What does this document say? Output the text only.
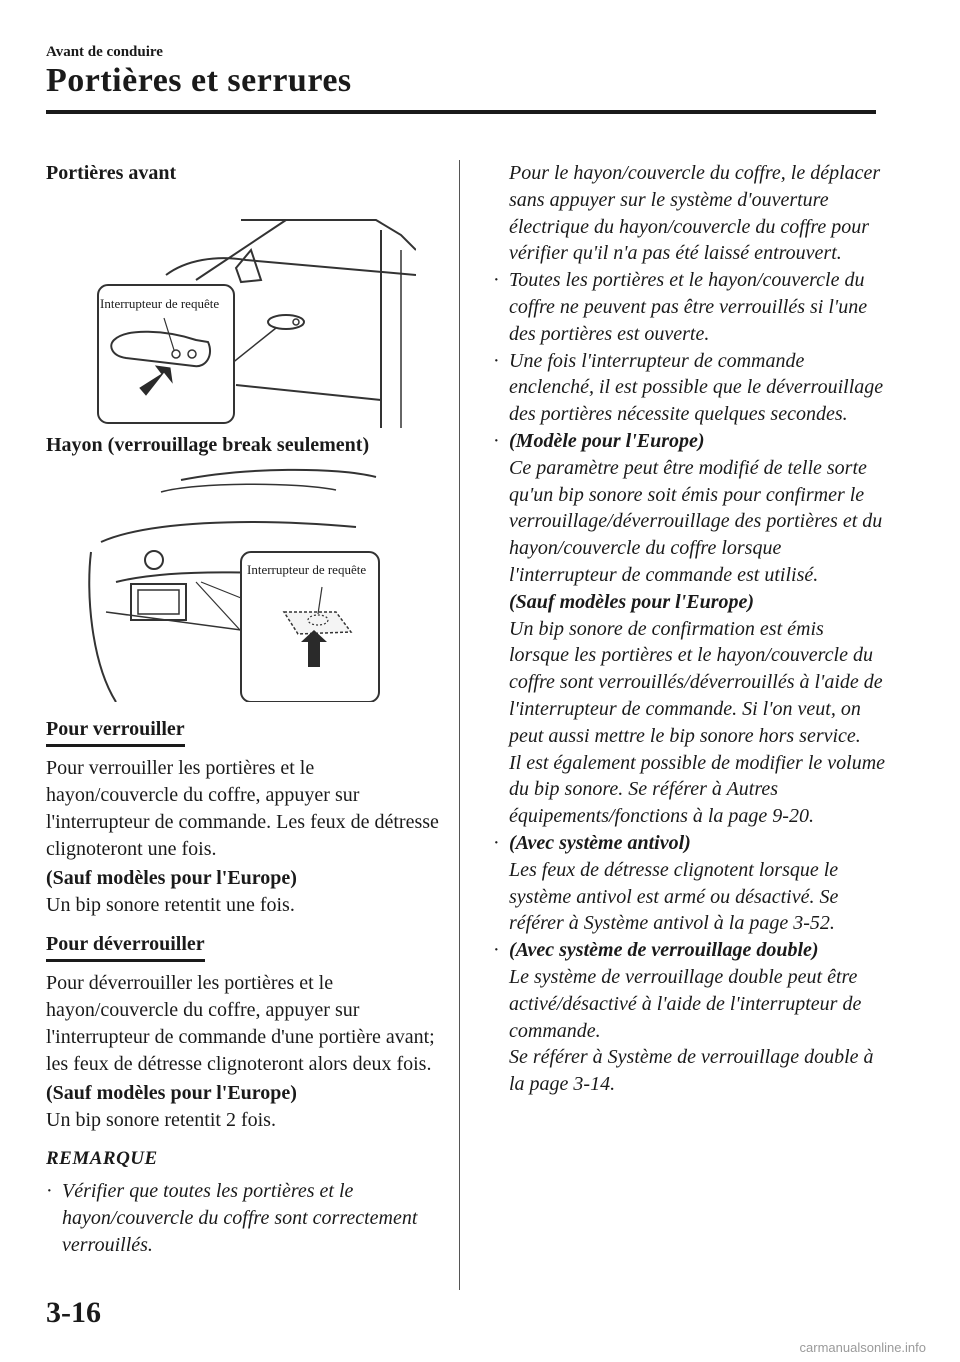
Avant de conduire
Portières et serrures

Portières avant

Interrupteur de requête

Hayon (verrouillage break seulement)

Interrupteur de requête
Pour verrouiller

Pour verrouiller les portières et le hayon/couvercle du coffre, appuyer sur l'interrupteur de commande. Les feux de détresse clignoteront une fois.

(Sauf modèles pour l'Europe)

Un bip sonore retentit une fois.

Pour déverrouiller

Pour déverrouiller les portières et le hayon/couvercle du coffre, appuyer sur l'interrupteur de commande d'une portière avant; les feux de détresse clignoteront alors deux fois.

(Sauf modèles pour l'Europe)

Un bip sonore retentit 2 fois.

REMARQUE
· Vérifier que toutes les portières et le hayon/couvercle du coffre sont correctement verrouillés.

Pour le hayon/couvercle du coffre, le déplacer sans appuyer sur le système d'ouverture électrique du hayon/couvercle du coffre pour vérifier qu'il n'a pas été laissé entrouvert.

· Toutes les portières et le hayon/couvercle du coffre ne peuvent pas être verrouillés si l'une des portières est ouverte.
· Une fois l'interrupteur de commande enclenché, il est possible que le déverrouillage des portières nécessite quelques secondes.
· (Modèle pour l'Europe)
Ce paramètre peut être modifié de telle sorte qu'un bip sonore soit émis pour confirmer le verrouillage/déverrouillage des portières et du hayon/couvercle du coffre lorsque l'interrupteur de commande est utilisé.
(Sauf modèles pour l'Europe)
Un bip sonore de confirmation est émis lorsque les portières et le hayon/couvercle du coffre sont verrouillés/déverrouillés à l'aide de l'interrupteur de commande. Si l'on veut, on peut aussi mettre le bip sonore hors service.
Il est également possible de modifier le volume du bip sonore. Se référer à Autres équipements/fonctions à la page 9-20.
· (Avec système antivol)
Les feux de détresse clignotent lorsque le système antivol est armé ou désactivé. Se référer à Système antivol à la page 3-52.
· (Avec système de verrouillage double)
Le système de verrouillage double peut être activé/désactivé à l'aide de l'interrupteur de commande.
Se référer à Système de verrouillage double à la page 3-14.
3-16
carmanualsonline.info
